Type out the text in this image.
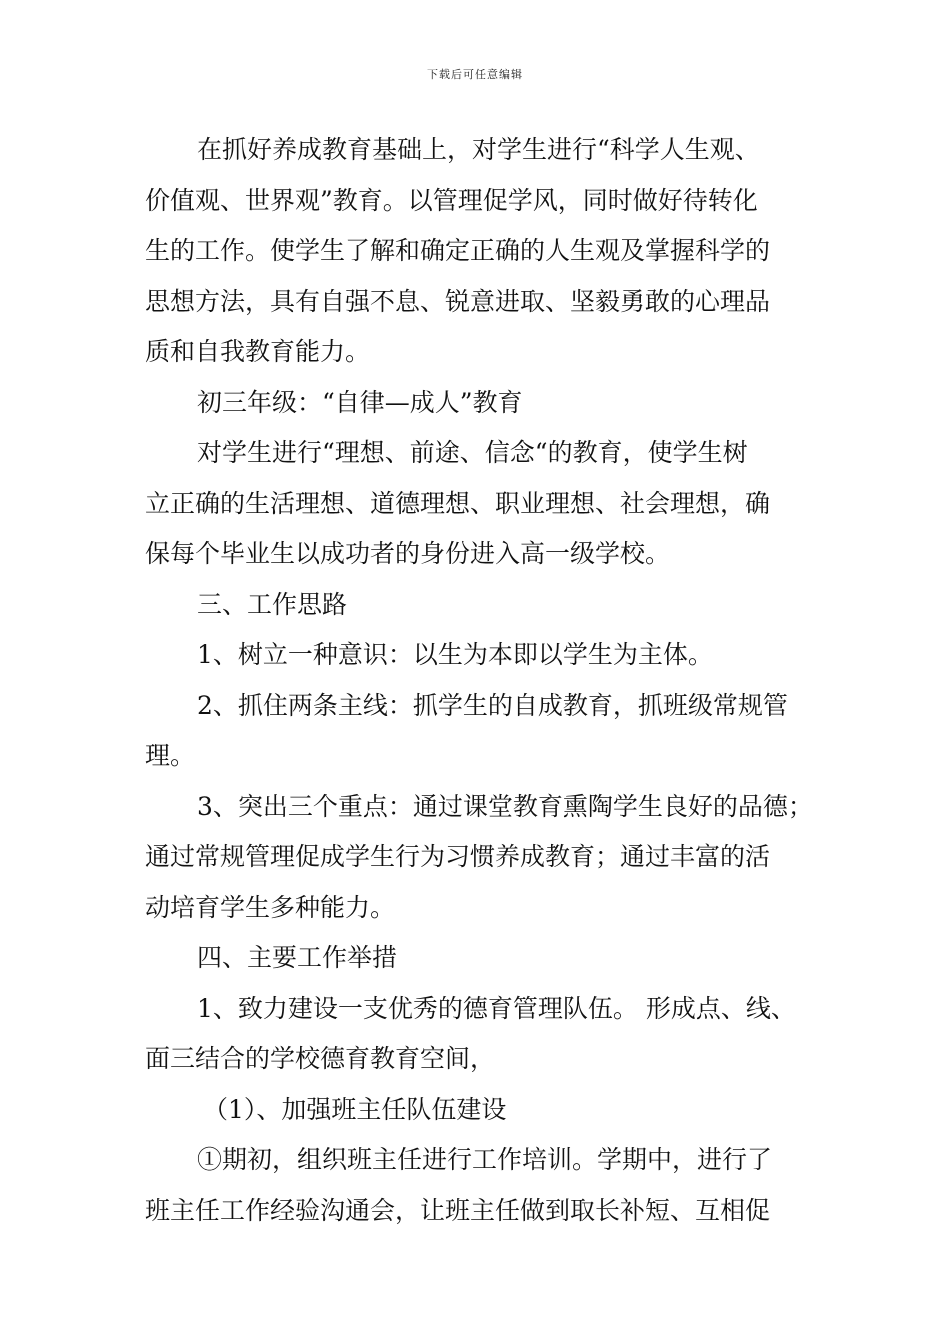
下载后可任意编辑

在抓好养成教育基础上，对学生进行“科学人生观、

价值观、世界观”教育。以管理促学风，同时做好待转化

生的工作。使学生了解和确定正确的人生观及掌握科学的

思想方法，具有自强不息、锐意进取、坚毅勇敢的心理品

质和自我教育能力。

初三年级：“自律—成人”教育

对学生进行“理想、前途、信念“的教育，使学生树

立正确的生活理想、道德理想、职业理想、社会理想，确

保每个毕业生以成功者的身份进入高一级学校。

三、工作思路

1、树立一种意识：以生为本即以学生为主体。

2、抓住两条主线：抓学生的自成教育，抓班级常规管

理。

3、突出三个重点：通过课堂教育熏陶学生良好的品德；

通过常规管理促成学生行为习惯养成教育；通过丰富的活

动培育学生多种能力。

四、主要工作举措

1、致力建设一支优秀的德育管理队伍。 形成点、线、

面三结合的学校德育教育空间，

（1）、加强班主任队伍建设

①期初，组织班主任进行工作培训。学期中，进行了

班主任工作经验沟通会，让班主任做到取长补短、互相促
